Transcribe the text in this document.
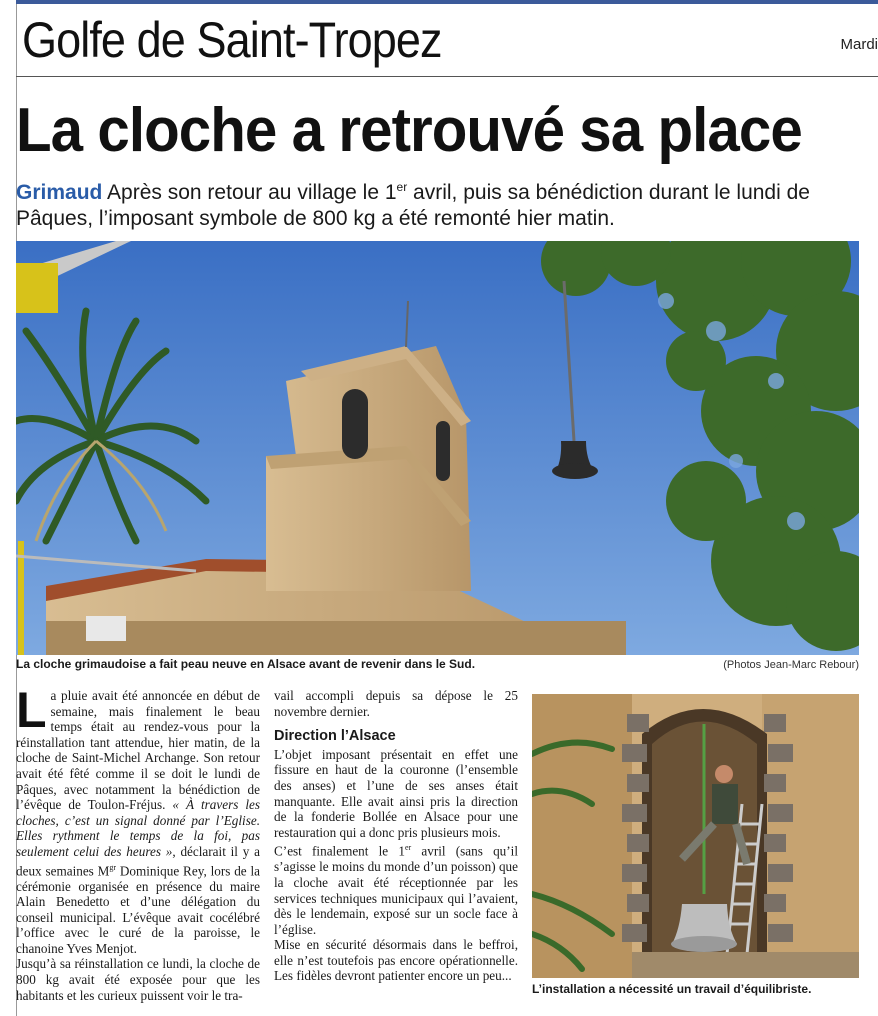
Golfe de Saint-Tropez	Mardi
La cloche a retrouvé sa place
Grimaud Après son retour au village le 1er avril, puis sa bénédiction durant le lundi de Pâques, l’imposant symbole de 800 kg a été remonté hier matin.
La cloche grimaudoise a fait peau neuve en Alsace avant de revenir dans le Sud.	(Photos Jean-Marc Rebour)

La pluie avait été annoncée en début de semaine, mais finalement le beau temps était au rendez-vous pour la réinstallation tant attendue, hier matin, de la cloche de Saint-Michel Archange. Son retour avait été fêté comme il se doit le lundi de Pâques, avec notamment la bénédiction de l’évêque de Toulon-Fréjus. « À travers les cloches, c’est un signal donné par l’Eglise. Elles rythment le temps de la foi, pas seulement celui des heures », déclarait il y a deux semaines $M^{gr}$ Dominique Rey, lors de la cérémonie organisée en présence du maire Alain Benedetto et d’une délégation du conseil municipal. L’évêque avait cocélébré l’office avec le curé de la paroisse, le chanoine Yves Menjot.

Jusqu’à sa réinstallation ce lundi, la cloche de 800 kg avait été exposée pour que les habitants et les curieux puissent voir le tra-

vail accompli depuis sa dépose le 25 novembre dernier.

Direction l’Alsace

L’objet imposant présentait en effet une fissure en haut de la couronne (l’ensemble des anses) et l’une de ses anses était manquante. Elle avait ainsi pris la direction de la fonderie Bollée en Alsace pour une restauration qui a donc pris plusieurs mois.

C’est finalement le 1er avril (sans qu’il s’agisse le moins du monde d’un poisson) que la cloche avait été réceptionnée par les services techniques municipaux qui l’avaient, dès le lendemain, exposé sur un socle face à l’église.

Mise en sécurité désormais dans le beffroi, elle n’est toutefois pas encore opérationnelle. Les fidèles devront patienter encore un peu...

L’installation a nécessité un travail d’équilibriste.
